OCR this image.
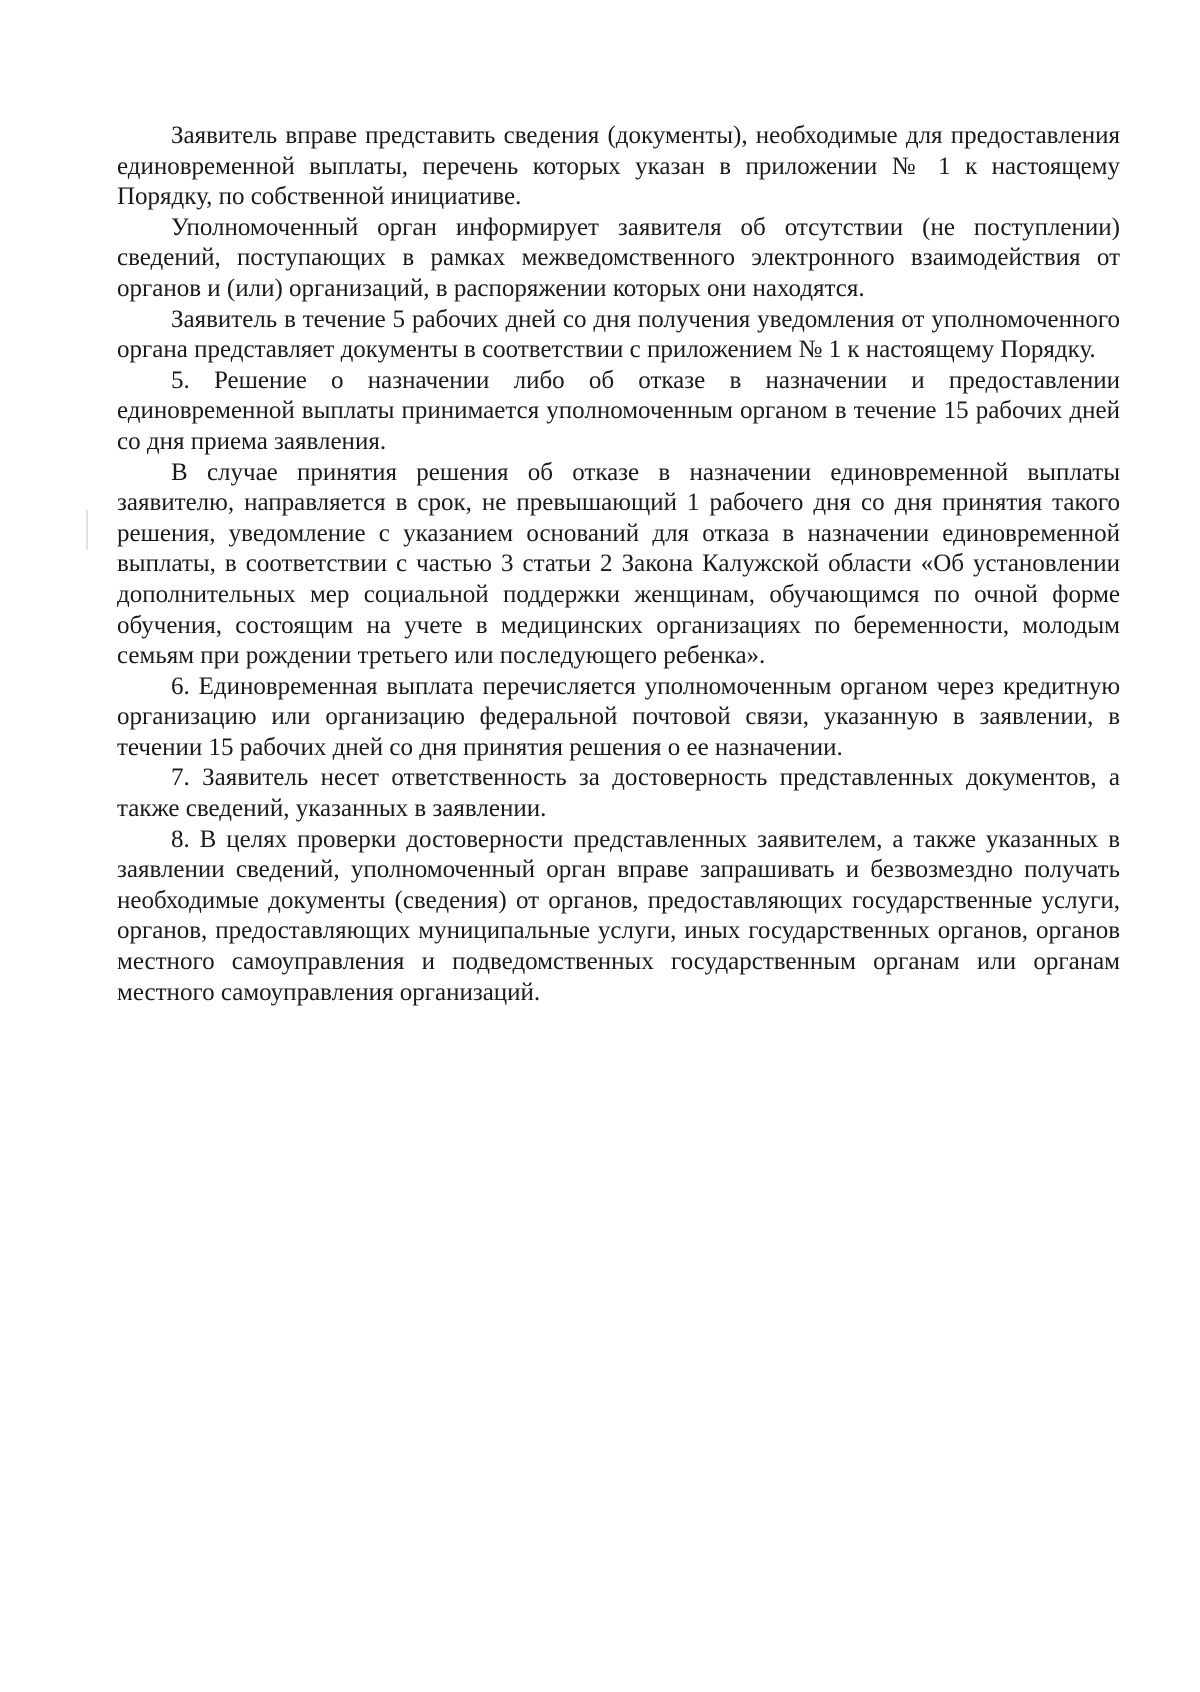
Заявитель вправе представить сведения (документы), необходимые для предоставления единовременной выплаты, перечень которых указан в приложении № 1 к настоящему Порядку, по собственной инициативе.

Уполномоченный орган информирует заявителя об отсутствии (не поступлении) сведений, поступающих в рамках межведомственного электронного взаимодействия от органов и (или) организаций, в распоряжении которых они находятся.

Заявитель в течение 5 рабочих дней со дня получения уведомления от уполномоченного органа представляет документы в соответствии с приложением № 1 к настоящему Порядку.

5. Решение о назначении либо об отказе в назначении и предоставлении единовременной выплаты принимается уполномоченным органом в течение 15 рабочих дней со дня приема заявления.

В случае принятия решения об отказе в назначении единовременной выплаты заявителю, направляется в срок, не превышающий 1 рабочего дня со дня принятия такого решения, уведомление с указанием оснований для отказа в назначении единовременной выплаты, в соответствии с частью 3 статьи 2 Закона Калужской области «Об установлении дополнительных мер социальной поддержки женщинам, обучающимся по очной форме обучения, состоящим на учете в медицинских организациях по беременности, молодым семьям при рождении третьего или последующего ребенка».

6. Единовременная выплата перечисляется уполномоченным органом через кредитную организацию или организацию федеральной почтовой связи, указанную в заявлении, в течении 15 рабочих дней со дня принятия решения о ее назначении.

7. Заявитель несет ответственность за достоверность представленных документов, а также сведений, указанных в заявлении.

8. В целях проверки достоверности представленных заявителем, а также указанных в заявлении сведений, уполномоченный орган вправе запрашивать и безвозмездно получать необходимые документы (сведения) от органов, предоставляющих государственные услуги, органов, предоставляющих муниципальные услуги, иных государственных органов, органов местного самоуправления и подведомственных государственным органам или органам местного самоуправления организаций.
